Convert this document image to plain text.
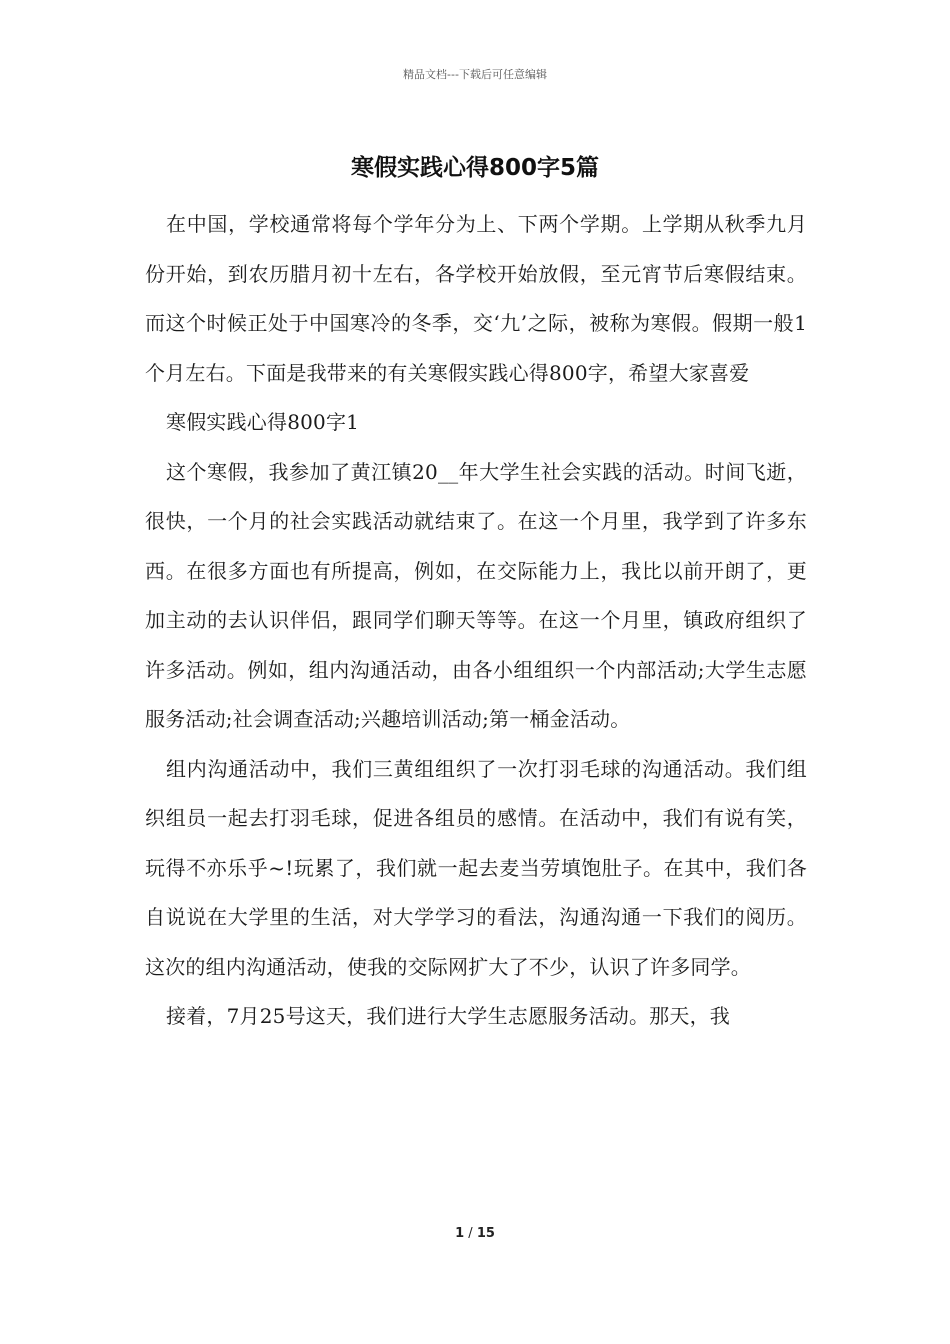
精品文档---下载后可任意编辑
寒假实践心得800字5篇

在中国，学校通常将每个学年分为上、下两个学期。上学期从秋季九月份开始，到农历腊月初十左右，各学校开始放假，至元宵节后寒假结束。而这个时候正处于中国寒冷的冬季，交‘九’之际，被称为寒假。假期一般1个月左右。下面是我带来的有关寒假实践心得800字，希望大家喜爱

寒假实践心得800字1

这个寒假，我参加了黄江镇20__年大学生社会实践的活动。时间飞逝，很快，一个月的社会实践活动就结束了。在这一个月里，我学到了许多东西。在很多方面也有所提高，例如，在交际能力上，我比以前开朗了，更加主动的去认识伴侣，跟同学们聊天等等。在这一个月里，镇政府组织了许多活动。例如，组内沟通活动，由各小组组织一个内部活动;大学生志愿服务活动;社会调查活动;兴趣培训活动;第一桶金活动。

组内沟通活动中，我们三黄组组织了一次打羽毛球的沟通活动。我们组织组员一起去打羽毛球，促进各组员的感情。在活动中，我们有说有笑，玩得不亦乐乎~!玩累了，我们就一起去麦当劳填饱肚子。在其中，我们各自说说在大学里的生活，对大学学习的看法，沟通沟通一下我们的阅历。这次的组内沟通活动，使我的交际网扩大了不少，认识了许多同学。

接着，7月25号这天，我们进行大学生志愿服务活动。那天，我

1 / 15
